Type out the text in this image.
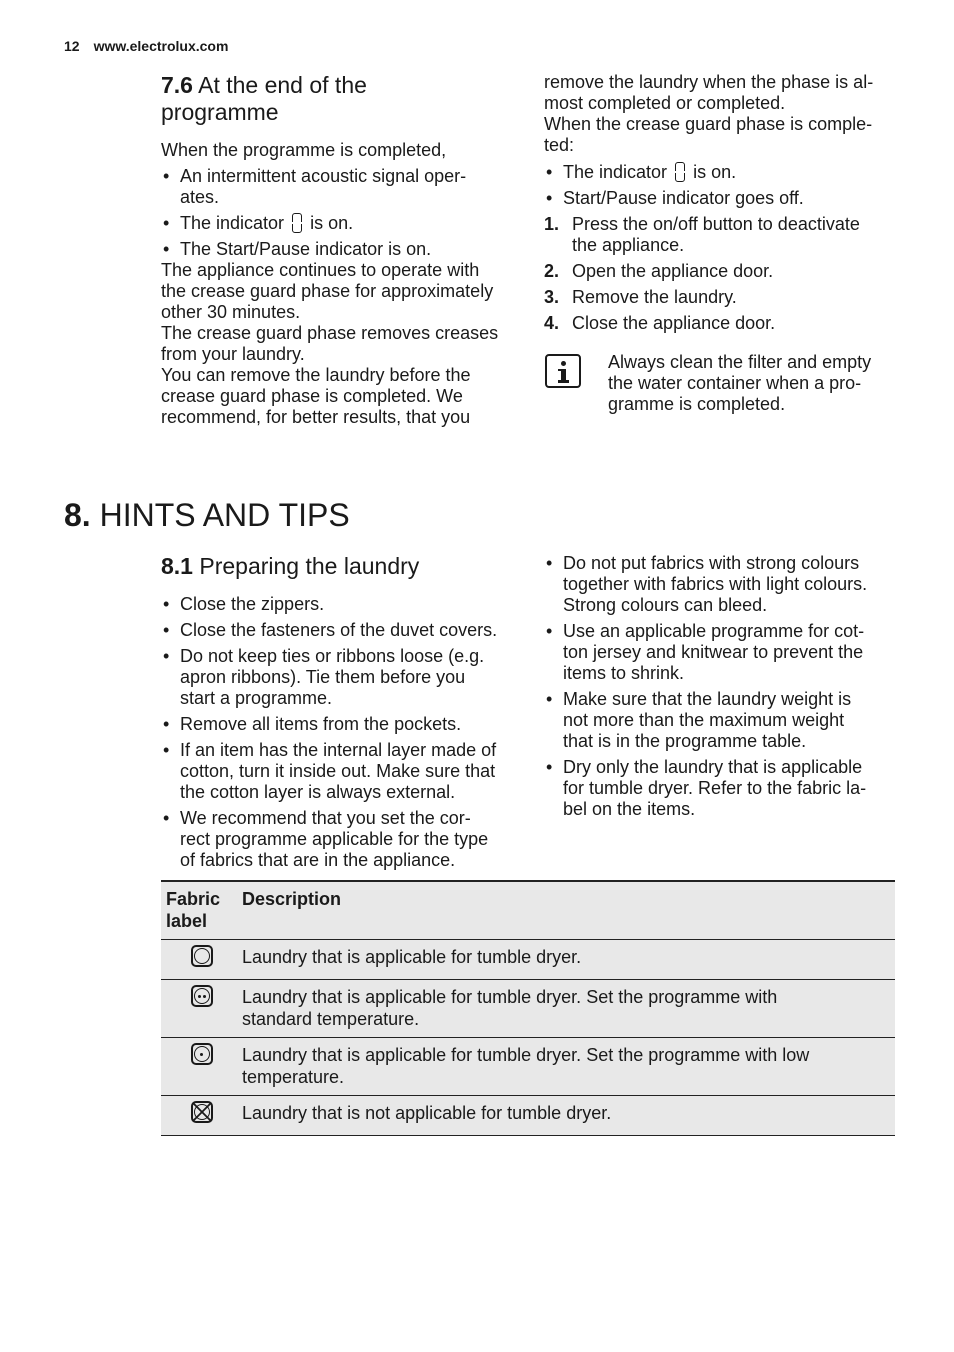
12 www.electrolux.com
7.6 At the end of the
programme

When the programme is completed,

• An intermittent acoustic signal oper-
ates.
• The indicator is on.
• The Start/Pause indicator is on.
The appliance continues to operate with
the crease guard phase for approximately
other 30 minutes.
The crease guard phase removes creases
from your laundry.
You can remove the laundry before the
crease guard phase is completed. We
recommend, for better results, that you
remove the laundry when the phase is al-
most completed or completed.
When the crease guard phase is comple-
ted:
• The indicator is on.
• Start/Pause indicator goes off.
1. Press the on/off button to deactivate
the appliance.
2. Open the appliance door.
3. Remove the laundry.
4. Close the appliance door.
Always clean the filter and empty
the water container when a pro-
gramme is completed.
8. HINTS AND TIPS
8.1 Preparing the laundry
• Close the zippers.
• Close the fasteners of the duvet covers.
• Do not keep ties or ribbons loose (e.g.
apron ribbons). Tie them before you
start a programme.
• Remove all items from the pockets.
• If an item has the internal layer made of
cotton, turn it inside out. Make sure that
the cotton layer is always external.
• We recommend that you set the cor-
rect programme applicable for the type
of fabrics that are in the appliance.
• Do not put fabrics with strong colours
together with fabrics with light colours.
Strong colours can bleed.
• Use an applicable programme for cot-
ton jersey and knitwear to prevent the
items to shrink.
• Make sure that the laundry weight is
not more than the maximum weight
that is in the programme table.
• Dry only the laundry that is applicable
for tumble dryer. Refer to the fabric la-
bel on the items.
Fabric
label	Description

	Laundry that is applicable for tumble dryer.

	Laundry that is applicable for tumble dryer. Set the programme with
standard temperature.

	Laundry that is applicable for tumble dryer. Set the programme with low
temperature.

	Laundry that is not applicable for tumble dryer.
